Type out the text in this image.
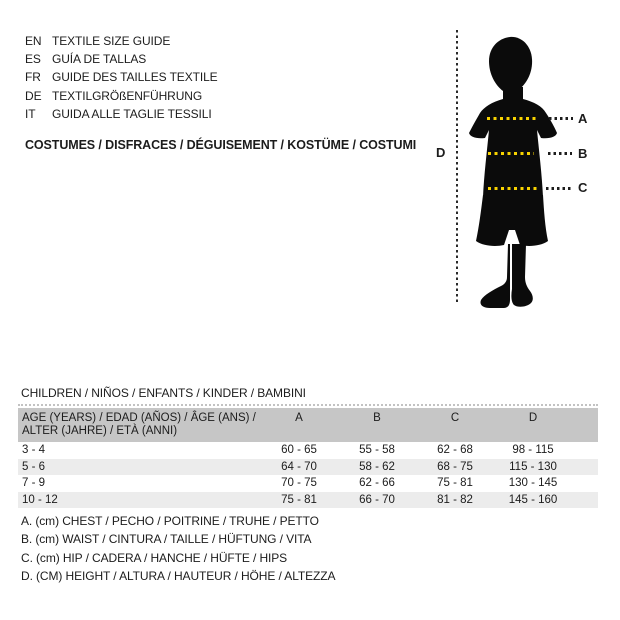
EN TEXTILE SIZE GUIDE
ES GUÍA DE TALLAS
FR GUIDE DES TAILLES TEXTILE
DE TEXTILGRÖßENFÜHRUNG
IT	GUIDA ALLE TAGLIE TESSILI
COSTUMES / DISFRACES / DÉGUISEMENT / KOSTÜME / COSTUMI
A
B
C
D
CHILDREN / NIÑOS / ENFANTS / KINDER / BAMBINI
AGE (YEARS) / EDAD (AÑOS) / ÂGE (ANS) /
ALTER (JAHRE) / ETÀ (ANNI)
A	B	C	D
3 - 4	60 - 65	55 - 58	62 - 68	98 - 115
5 - 6	64 - 70	58 - 62	68 - 75	115 - 130
7 - 9	70 - 75	62 - 66	75 - 81	130 - 145
10 - 12	75 - 81	66 - 70	81 - 82	145 - 160
A. (cm) CHEST / PECHO / POITRINE / TRUHE / PETTO
B. (cm) WAIST / CINTURA / TAILLE / HÜFTUNG / VITA
C. (cm) HIP / CADERA / HANCHE / HÜFTE / HIPS
D. (CM) HEIGHT / ALTURA / HAUTEUR / HÖHE / ALTEZZA
